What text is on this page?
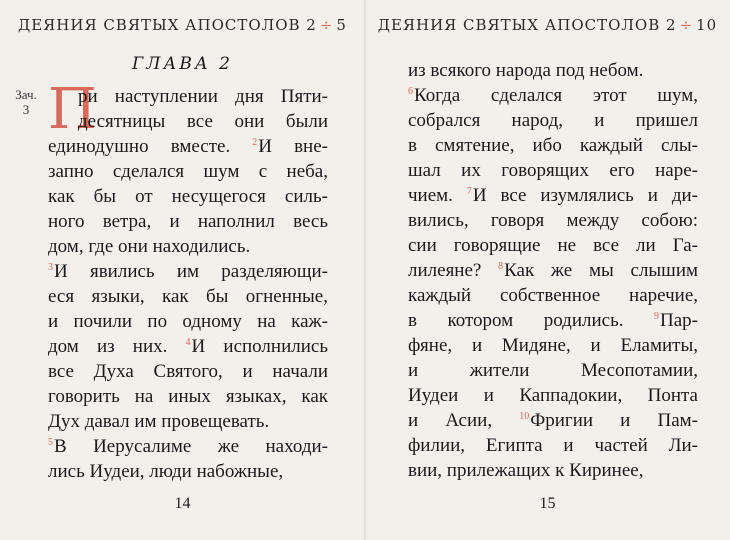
ДЕЯНИЯ СВЯТЫХ АПОСТОЛОВ 2 ÷ 5
ГЛАВА 2
Зач.
3 П
ри наступлении дня Пяти-
десятницы все они были
единодушно вместе. $^2$И вне-
запно сделался шум с неба,
как бы от несущегося силь-
ного ветра, и наполнил весь
дом, где они находились.
$^3$И явились им разделяющи-
еся языки, как бы огненные,
и почили по одному на каж-
дом из них. $^4$И исполнились
все Духа Святого, и начали
говорить на иных языках, как
Дух давал им провещевать.
$^5$В Иерусалиме же находи-
лись Иудеи, люди набожные,
14
ДЕЯНИЯ СВЯТЫХ АПОСТОЛОВ 2 ÷ 10
из всякого народа под небом.
$^6$Когда сделался этот шум,
собрался народ, и пришел
в смятение, ибо каждый слы-
шал их говорящих его наре-
чием. $^7$И все изумлялись и ди-
вились, говоря между собою:
сии говорящие не все ли Га-
лилеяне? $^8$Как же мы слышим
каждый собственное наречие,
в котором родились. $^9$Пар-
фяне, и Мидяне, и Еламиты,
и жители Месопотамии,
Иудеи и Каппадокии, Понта
и Асии, $^{10}$Фригии и Пам-
филии, Египта и частей Ли-
вии, прилежащих к Киринее,
15
